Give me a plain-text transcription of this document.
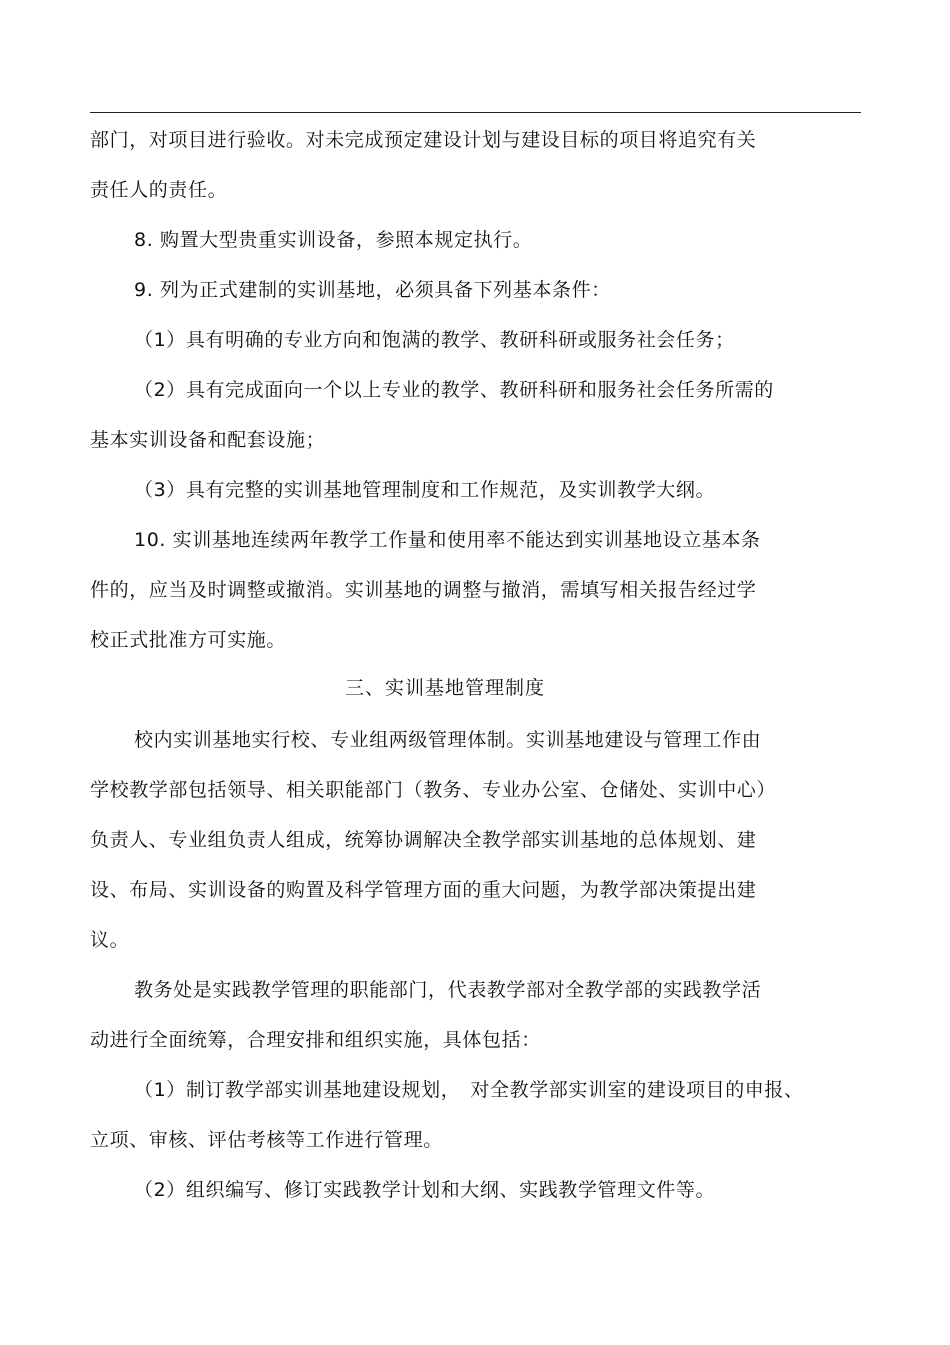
部门，对项目进行验收。对未完成预定建设计划与建设目标的项目将追究有关
责任人的责任。
8. 购置大型贵重实训设备，参照本规定执行。
9. 列为正式建制的实训基地，必须具备下列基本条件：
（1）具有明确的专业方向和饱满的教学、教研科研或服务社会任务；
（2）具有完成面向一个以上专业的教学、教研科研和服务社会任务所需的
基本实训设备和配套设施；
（3）具有完整的实训基地管理制度和工作规范，及实训教学大纲。
10. 实训基地连续两年教学工作量和使用率不能达到实训基地设立基本条
件的，应当及时调整或撤消。实训基地的调整与撤消，需填写相关报告经过学
校正式批准方可实施。
三、实训基地管理制度
校内实训基地实行校、专业组两级管理体制。实训基地建设与管理工作由
学校教学部包括领导、相关职能部门（教务、专业办公室、仓储处、实训中心）
负责人、专业组负责人组成，统筹协调解决全教学部实训基地的总体规划、建
设、布局、实训设备的购置及科学管理方面的重大问题，为教学部决策提出建
议。
教务处是实践教学管理的职能部门，代表教学部对全教学部的实践教学活
动进行全面统筹，合理安排和组织实施，具体包括：
（1）制订教学部实训基地建设规划，　对全教学部实训室的建设项目的申报、
立项、审核、评估考核等工作进行管理。
（2）组织编写、修订实践教学计划和大纲、实践教学管理文件等。
